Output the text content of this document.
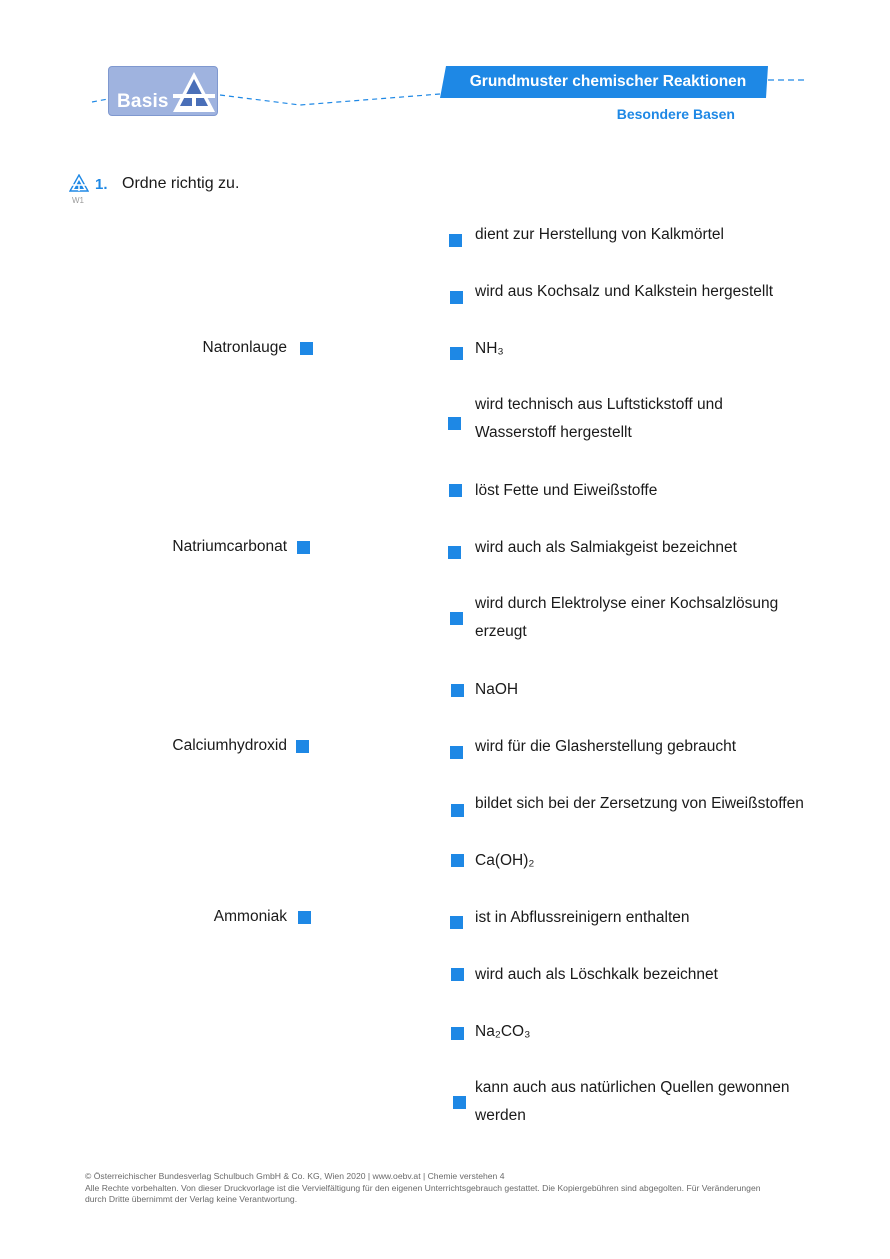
Basis
Grundmuster chemischer Reaktionen
Besondere Basen
W1
1. Ordne richtig zu.
Natronlauge
Natriumcarbonat
Calciumhydroxid
Ammoniak
dient zur Herstellung von Kalkmörtel
wird aus Kochsalz und Kalkstein hergestellt
NH₃
wird technisch aus Luftstickstoff und
Wasserstoff hergestellt
löst Fette und Eiweißstoffe
wird auch als Salmiakgeist bezeichnet
wird durch Elektrolyse einer Kochsalzlösung
erzeugt
NaOH
wird für die Glasherstellung gebraucht
bildet sich bei der Zersetzung von Eiweißstoffen
Ca(OH)₂
ist in Abflussreinigern enthalten
wird auch als Löschkalk bezeichnet
Na₂CO₃
kann auch aus natürlichen Quellen gewonnen
werden
© Österreichischer Bundesverlag Schulbuch GmbH & Co. KG, Wien 2020 | www.oebv.at | Chemie verstehen 4
Alle Rechte vorbehalten. Von dieser Druckvorlage ist die Vervielfältigung für den eigenen Unterrichtsgebrauch gestattet. Die Kopiergebühren sind abgegolten. Für Veränderungen
durch Dritte übernimmt der Verlag keine Verantwortung.
